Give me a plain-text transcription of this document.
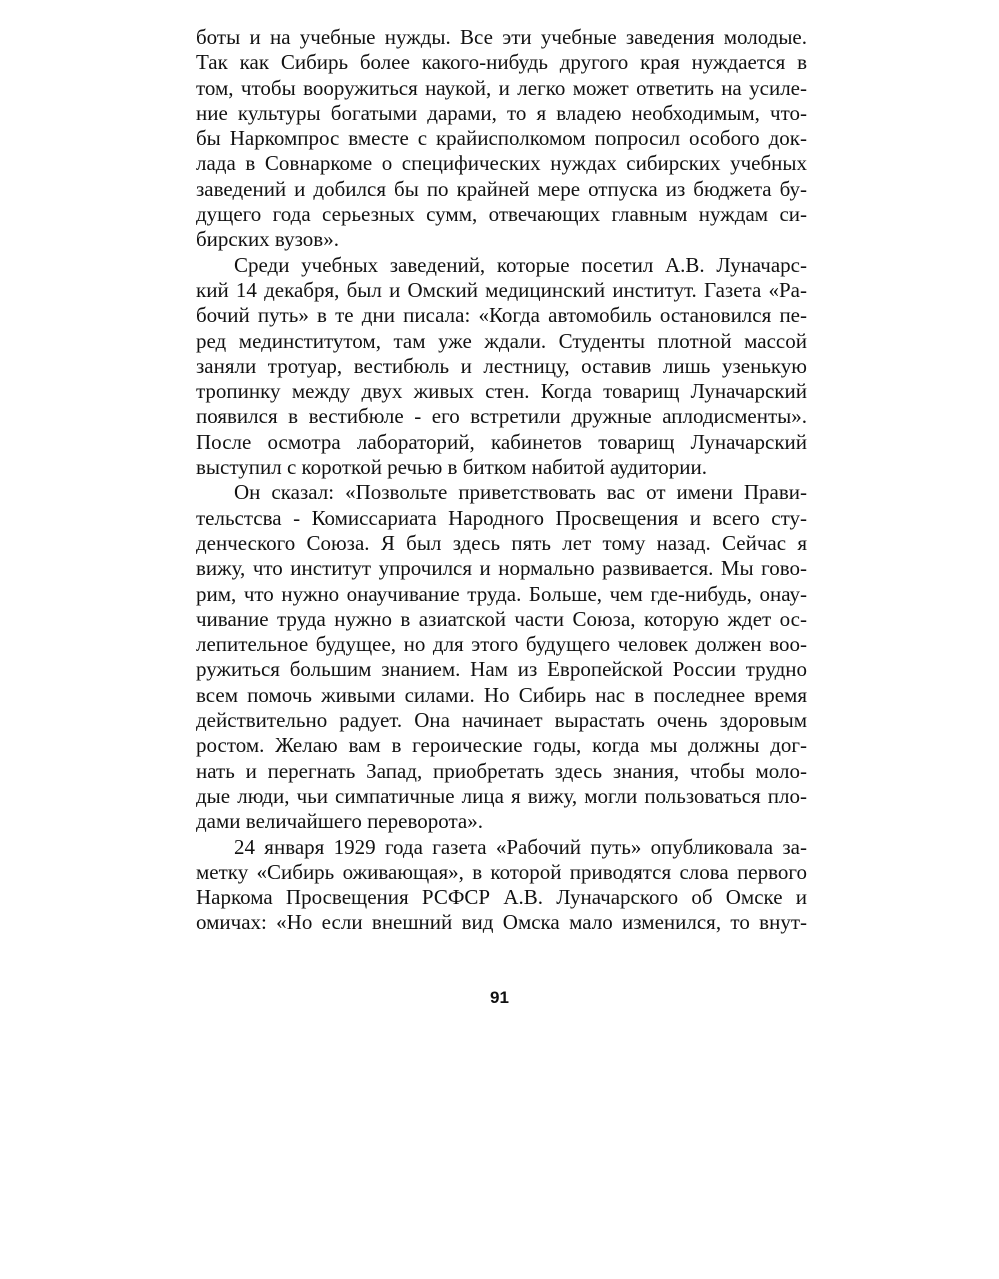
боты и на учебные нужды. Все эти учебные заведения молодые.
Так как Сибирь более какого-нибудь другого края нуждается в
том, чтобы вооружиться наукой, и легко может ответить на усиле-
ние культуры богатыми дарами, то я владею необходимым, что-
бы Наркомпрос вместе с крайисполкомом попросил особого док-
лада в Совнаркоме о специфических нуждах сибирских учебных
заведений и добился бы по крайней мере отпуска из бюджета бу-
дущего года серьезных сумм, отвечающих главным нуждам си-
бирских вузов».
Среди учебных заведений, которые посетил А.В. Луначарс-
кий 14 декабря, был и Омский медицинский институт. Газета «Ра-
бочий путь» в те дни писала: «Когда автомобиль остановился пе-
ред мединститутом, там уже ждали. Студенты плотной массой
заняли тротуар, вестибюль и лестницу, оставив лишь узенькую
тропинку между двух живых стен. Когда товарищ Луначарский
появился в вестибюле - его встретили дружные аплодисменты».
После осмотра лабораторий, кабинетов товарищ Луначарский
выступил с короткой речью в битком набитой аудитории.
Он сказал: «Позвольте приветствовать вас от имени Прави-
тельстсва - Комиссариата Народного Просвещения и всего сту-
денческого Союза. Я был здесь пять лет тому назад. Сейчас я
вижу, что институт упрочился и нормально развивается. Мы гово-
рим, что нужно онаучивание труда. Больше, чем где-нибудь, онау-
чивание труда нужно в азиатской части Союза, которую ждет ос-
лепительное будущее, но для этого будущего человек должен воо-
ружиться большим знанием. Нам из Европейской России трудно
всем помочь живыми силами. Но Сибирь нас в последнее время
действительно радует. Она начинает вырастать очень здоровым
ростом. Желаю вам в героические годы, когда мы должны дог-
нать и перегнать Запад, приобретать здесь знания, чтобы моло-
дые люди, чьи симпатичные лица я вижу, могли пользоваться пло-
дами величайшего переворота».
24 января 1929 года газета «Рабочий путь» опубликовала за-
метку «Сибирь оживающая», в которой приводятся слова первого
Наркома Просвещения РСФСР А.В. Луначарского об Омске и
омичах: «Но если внешний вид Омска мало изменился, то внут-
91
